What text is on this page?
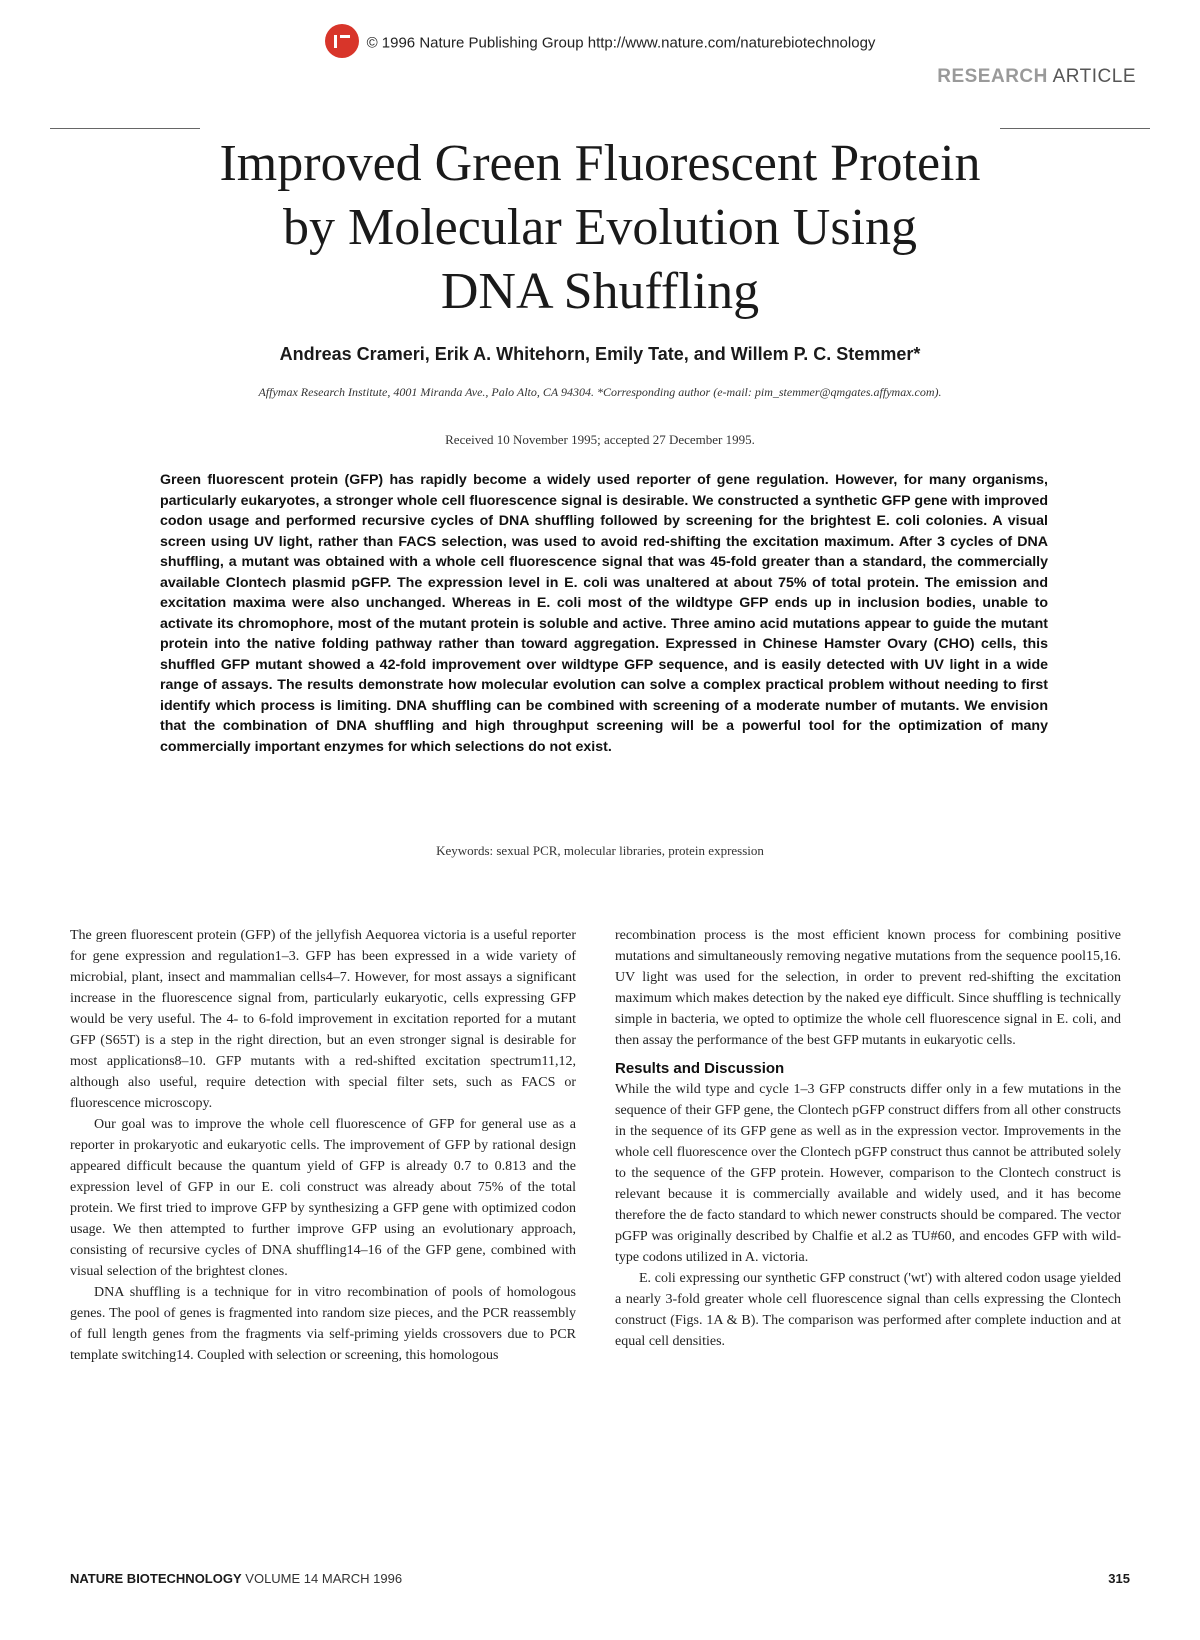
© 1996 Nature Publishing Group http://www.nature.com/naturebiotechnology
RESEARCH ARTICLE
Improved Green Fluorescent Protein
by Molecular Evolution Using
DNA Shuffling
Andreas Crameri, Erik A. Whitehorn, Emily Tate, and Willem P. C. Stemmer*
Affymax Research Institute, 4001 Miranda Ave., Palo Alto, CA 94304. *Corresponding author (e-mail: pim_stemmer@qmgates.affymax.com).
Received 10 November 1995; accepted 27 December 1995.
Green fluorescent protein (GFP) has rapidly become a widely used reporter of gene regulation. However, for many organisms, particularly eukaryotes, a stronger whole cell fluorescence signal is desirable. We constructed a synthetic GFP gene with improved codon usage and performed recursive cycles of DNA shuffling followed by screening for the brightest E. coli colonies. A visual screen using UV light, rather than FACS selection, was used to avoid red-shifting the excitation maximum. After 3 cycles of DNA shuffling, a mutant was obtained with a whole cell fluorescence signal that was 45-fold greater than a standard, the commercially available Clontech plasmid pGFP. The expression level in E. coli was unaltered at about 75% of total protein. The emission and excitation maxima were also unchanged. Whereas in E. coli most of the wildtype GFP ends up in inclusion bodies, unable to activate its chromophore, most of the mutant protein is soluble and active. Three amino acid mutations appear to guide the mutant protein into the native folding pathway rather than toward aggregation. Expressed in Chinese Hamster Ovary (CHO) cells, this shuffled GFP mutant showed a 42-fold improvement over wildtype GFP sequence, and is easily detected with UV light in a wide range of assays. The results demonstrate how molecular evolution can solve a complex practical problem without needing to first identify which process is limiting. DNA shuffling can be combined with screening of a moderate number of mutants. We envision that the combination of DNA shuffling and high throughput screening will be a powerful tool for the optimization of many commercially important enzymes for which selections do not exist.
Keywords: sexual PCR, molecular libraries, protein expression

The green fluorescent protein (GFP) of the jellyfish Aequorea victoria is a useful reporter for gene expression and regulation1–3. GFP has been expressed in a wide variety of microbial, plant, insect and mammalian cells4–7. However, for most assays a significant increase in the fluorescence signal from, particularly eukaryotic, cells expressing GFP would be very useful. The 4- to 6-fold improvement in excitation reported for a mutant GFP (S65T) is a step in the right direction, but an even stronger signal is desirable for most applications8–10. GFP mutants with a red-shifted excitation spectrum11,12, although also useful, require detection with special filter sets, such as FACS or fluorescence microscopy.

Our goal was to improve the whole cell fluorescence of GFP for general use as a reporter in prokaryotic and eukaryotic cells. The improvement of GFP by rational design appeared difficult because the quantum yield of GFP is already 0.7 to 0.813 and the expression level of GFP in our E. coli construct was already about 75% of the total protein. We first tried to improve GFP by synthesizing a GFP gene with optimized codon usage. We then attempted to further improve GFP using an evolutionary approach, consisting of recursive cycles of DNA shuffling14–16 of the GFP gene, combined with visual selection of the brightest clones.

DNA shuffling is a technique for in vitro recombination of pools of homologous genes. The pool of genes is fragmented into random size pieces, and the PCR reassembly of full length genes from the fragments via self-priming yields crossovers due to PCR template switching14. Coupled with selection or screening, this homologous

recombination process is the most efficient known process for combining positive mutations and simultaneously removing negative mutations from the sequence pool15,16. UV light was used for the selection, in order to prevent red-shifting the excitation maximum which makes detection by the naked eye difficult. Since shuffling is technically simple in bacteria, we opted to optimize the whole cell fluorescence signal in E. coli, and then assay the performance of the best GFP mutants in eukaryotic cells.

Results and Discussion

While the wild type and cycle 1–3 GFP constructs differ only in a few mutations in the sequence of their GFP gene, the Clontech pGFP construct differs from all other constructs in the sequence of its GFP gene as well as in the expression vector. Improvements in the whole cell fluorescence over the Clontech pGFP construct thus cannot be attributed solely to the sequence of the GFP protein. However, comparison to the Clontech construct is relevant because it is commercially available and widely used, and it has become therefore the de facto standard to which newer constructs should be compared. The vector pGFP was originally described by Chalfie et al.2 as TU#60, and encodes GFP with wild-type codons utilized in A. victoria.

E. coli expressing our synthetic GFP construct ('wt') with altered codon usage yielded a nearly 3-fold greater whole cell fluorescence signal than cells expressing the Clontech construct (Figs. 1A & B). The comparison was performed after complete induction and at equal cell densities.

NATURE BIOTECHNOLOGY VOLUME 14 MARCH 1996	315
